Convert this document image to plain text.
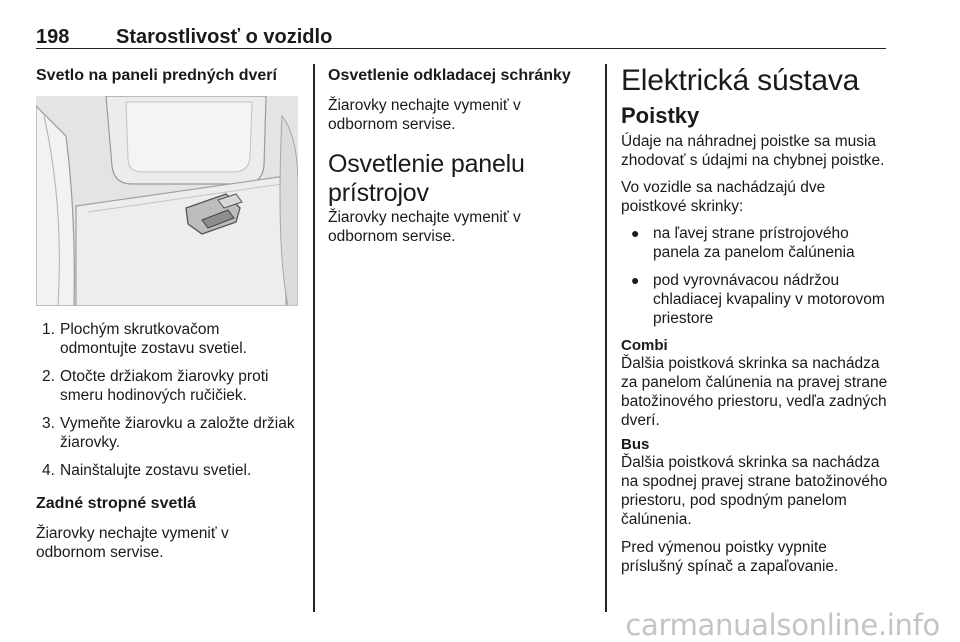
198 Starostlivosť o vozidlo
Svetlo na paneli predných dverí
1. Plochým skrutkovačom odmontujte zostavu svetiel.
2. Otočte držiakom žiarovky proti smeru hodinových ručičiek.
3. Vymeňte žiarovku a založte držiak žiarovky.
4. Nainštalujte zostavu svetiel.
Zadné stropné svetlá

Žiarovky nechajte vymeniť v odbornom servise.

Osvetlenie odkladacej schránky

Žiarovky nechajte vymeniť v odbornom servise.

Osvetlenie panelu prístrojov

Žiarovky nechajte vymeniť v odbornom servise.

Elektrická sústava

Poistky

Údaje na náhradnej poistke sa musia zhodovať s údajmi na chybnej poistke.

Vo vozidle sa nachádzajú dve poistkové skrinky:

● na ľavej strane prístrojového panela za panelom čalúnenia
● pod vyrovnávacou nádržou chladiacej kvapaliny v motorovom priestore

Combi

Ďalšia poistková skrinka sa nachádza za panelom čalúnenia na pravej strane batožinového priestoru, vedľa zadných dverí.

Bus

Ďalšia poistková skrinka sa nachádza na spodnej pravej strane batožinového priestoru, pod spodným panelom čalúnenia.

Pred výmenou poistky vypnite príslušný spínač a zapaľovanie.

carmanualsonline.info
